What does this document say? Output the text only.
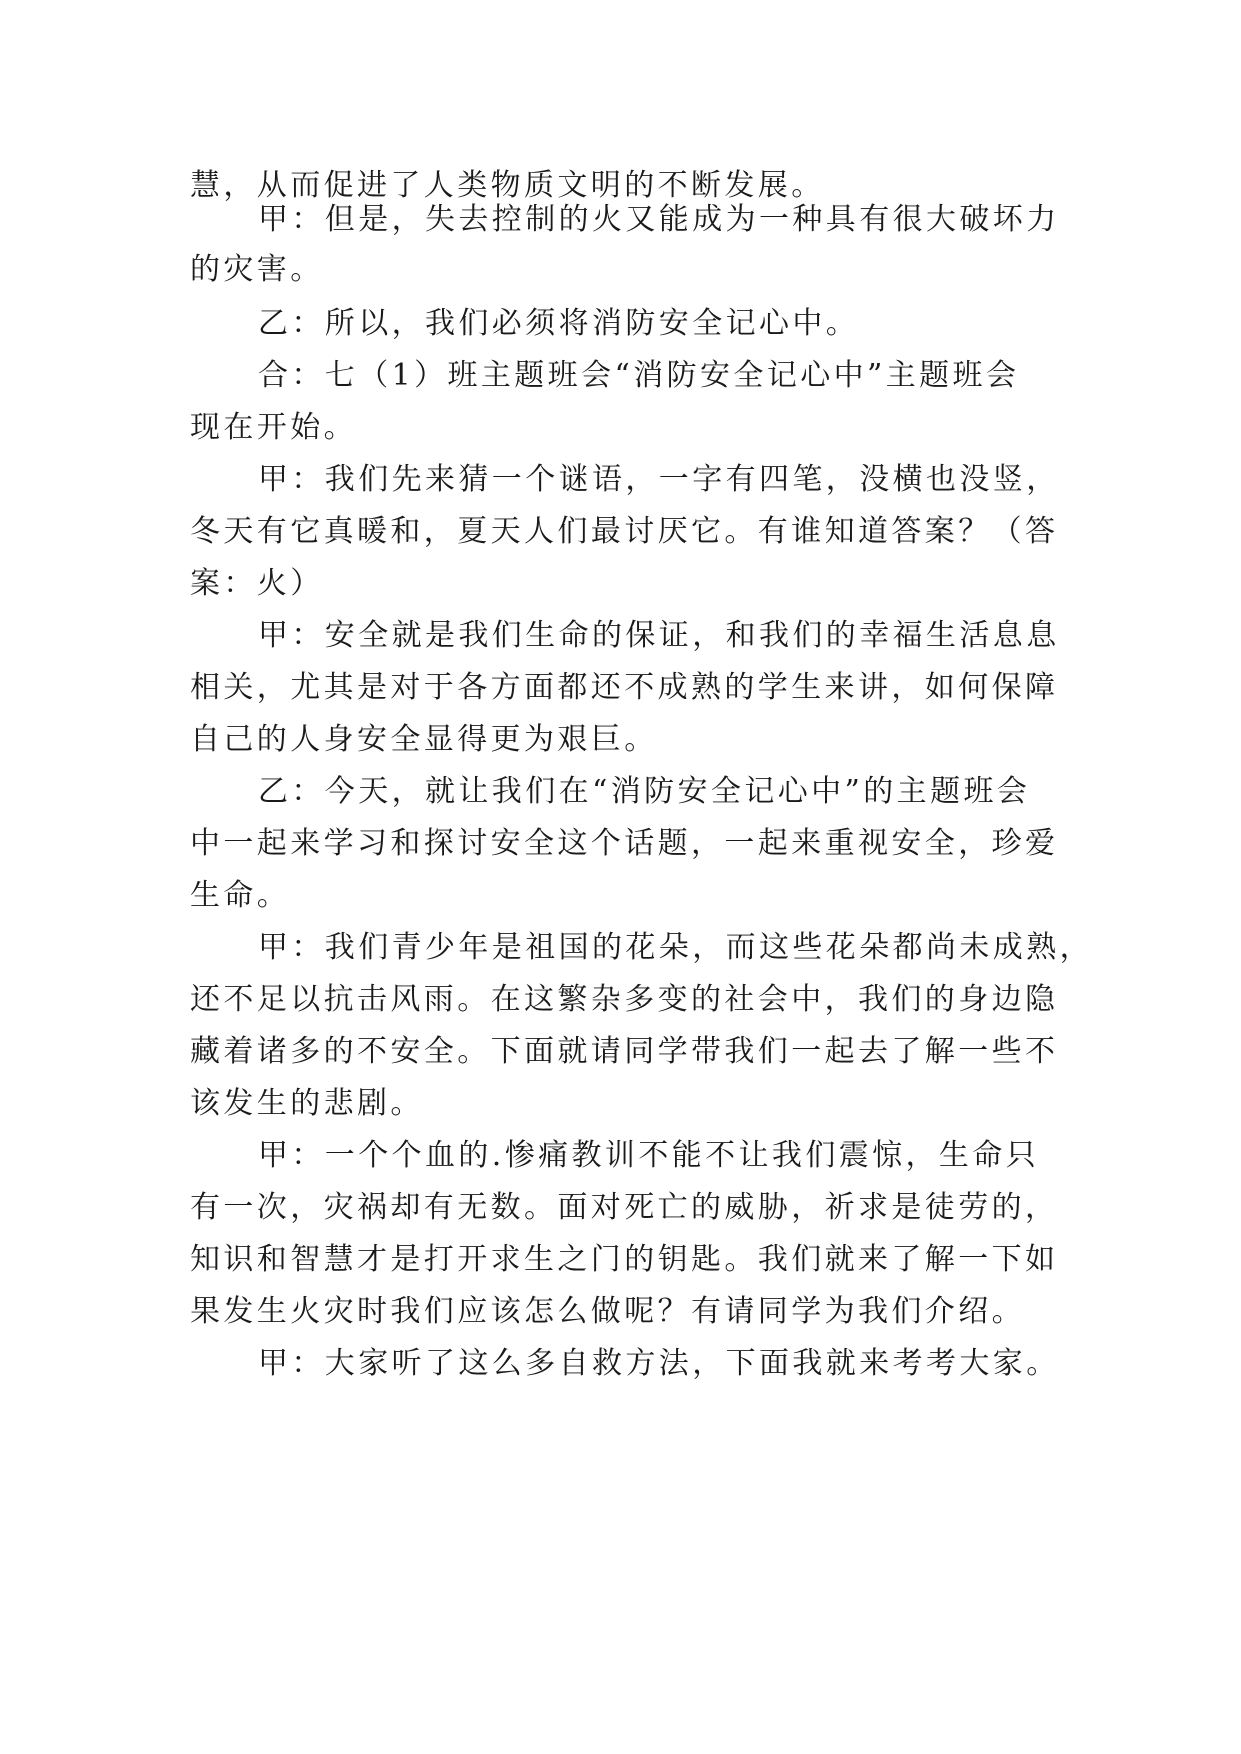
慧，从而促进了人类物质文明的不断发展。
甲：但是，失去控制的火又能成为一种具有很大破坏力
的灾害。
乙：所以，我们必须将消防安全记心中。
合：七（1）班主题班会“消防安全记心中”主题班会
现在开始。
甲：我们先来猜一个谜语，一字有四笔，没横也没竖，
冬天有它真暖和，夏天人们最讨厌它。有谁知道答案？（答
案：火）
甲：安全就是我们生命的保证，和我们的幸福生活息息
相关，尤其是对于各方面都还不成熟的学生来讲，如何保障
自己的人身安全显得更为艰巨。
乙：今天，就让我们在“消防安全记心中”的主题班会
中一起来学习和探讨安全这个话题，一起来重视安全，珍爱
生命。
甲：我们青少年是祖国的花朵，而这些花朵都尚未成熟，
还不足以抗击风雨。在这繁杂多变的社会中，我们的身边隐
藏着诸多的不安全。下面就请同学带我们一起去了解一些不
该发生的悲剧。
甲：一个个血的.惨痛教训不能不让我们震惊，生命只
有一次，灾祸却有无数。面对死亡的威胁，祈求是徒劳的，
知识和智慧才是打开求生之门的钥匙。我们就来了解一下如
果发生火灾时我们应该怎么做呢？有请同学为我们介绍。
甲：大家听了这么多自救方法，下面我就来考考大家。
